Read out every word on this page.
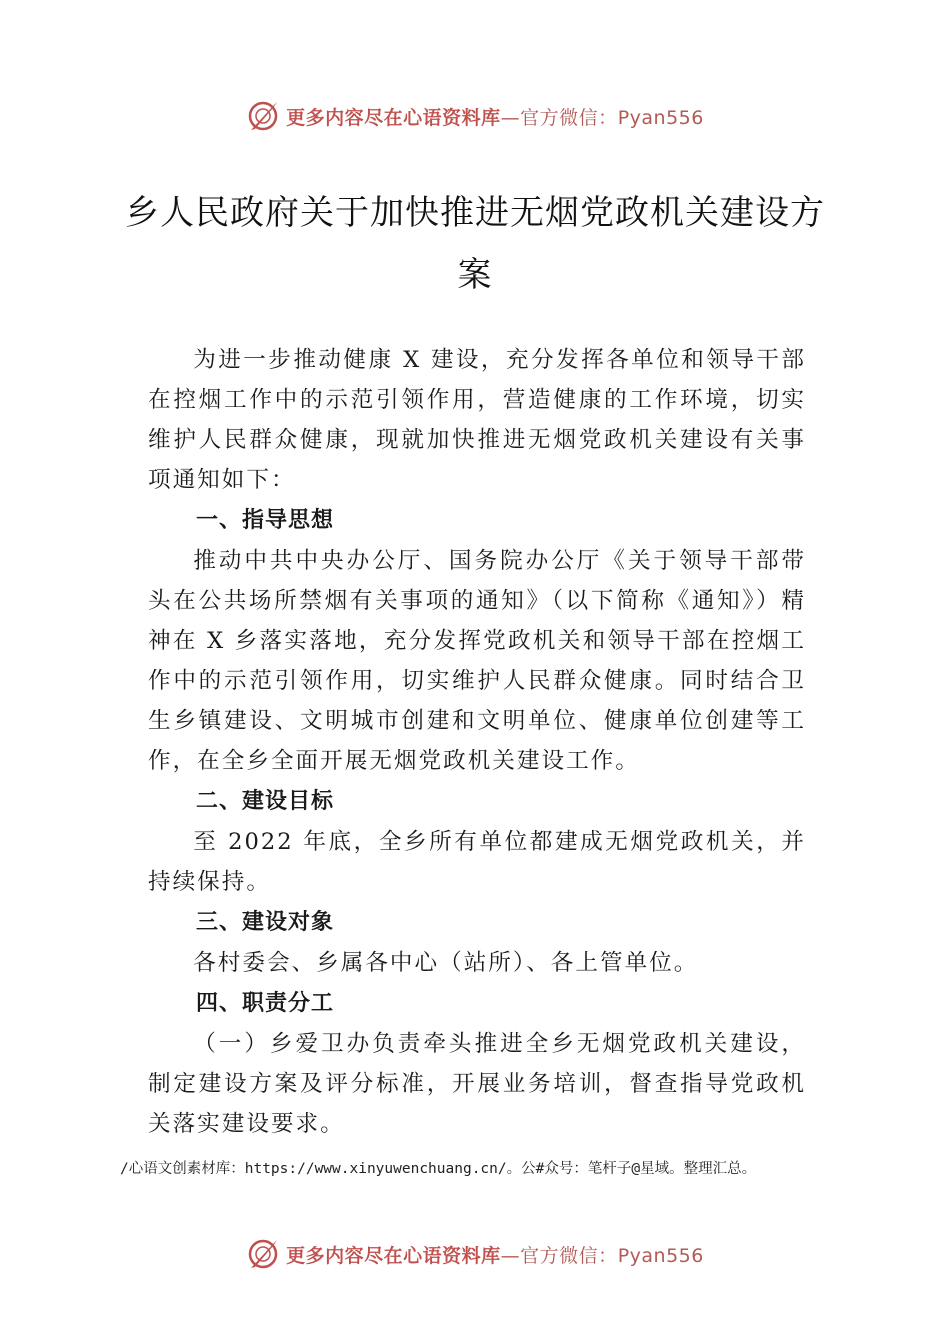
更多内容尽在心语资料库—官方微信：Pyan556
乡人民政府关于加快推进无烟党政机关建设方案

为进一步推动健康 X 建设，充分发挥各单位和领导干部在控烟工作中的示范引领作用，营造健康的工作环境，切实维护人民群众健康，现就加快推进无烟党政机关建设有关事项通知如下：

一、指导思想

推动中共中央办公厅、国务院办公厅《关于领导干部带头在公共场所禁烟有关事项的通知》（以下简称《通知》）精神在 X 乡落实落地，充分发挥党政机关和领导干部在控烟工作中的示范引领作用，切实维护人民群众健康。同时结合卫生乡镇建设、文明城市创建和文明单位、健康单位创建等工作，在全乡全面开展无烟党政机关建设工作。

二、建设目标

至 2022 年底，全乡所有单位都建成无烟党政机关，并持续保持。

三、建设对象

各村委会、乡属各中心（站所）、各上管单位。

四、职责分工

（一）乡爱卫办负责牵头推进全乡无烟党政机关建设，制定建设方案及评分标准，开展业务培训，督查指导党政机关落实建设要求。

/心语文创素材库：https://www.xinyuwenchuang.cn/。公#众号：笔杆子@星域。整理汇总。
更多内容尽在心语资料库—官方微信：Pyan556
